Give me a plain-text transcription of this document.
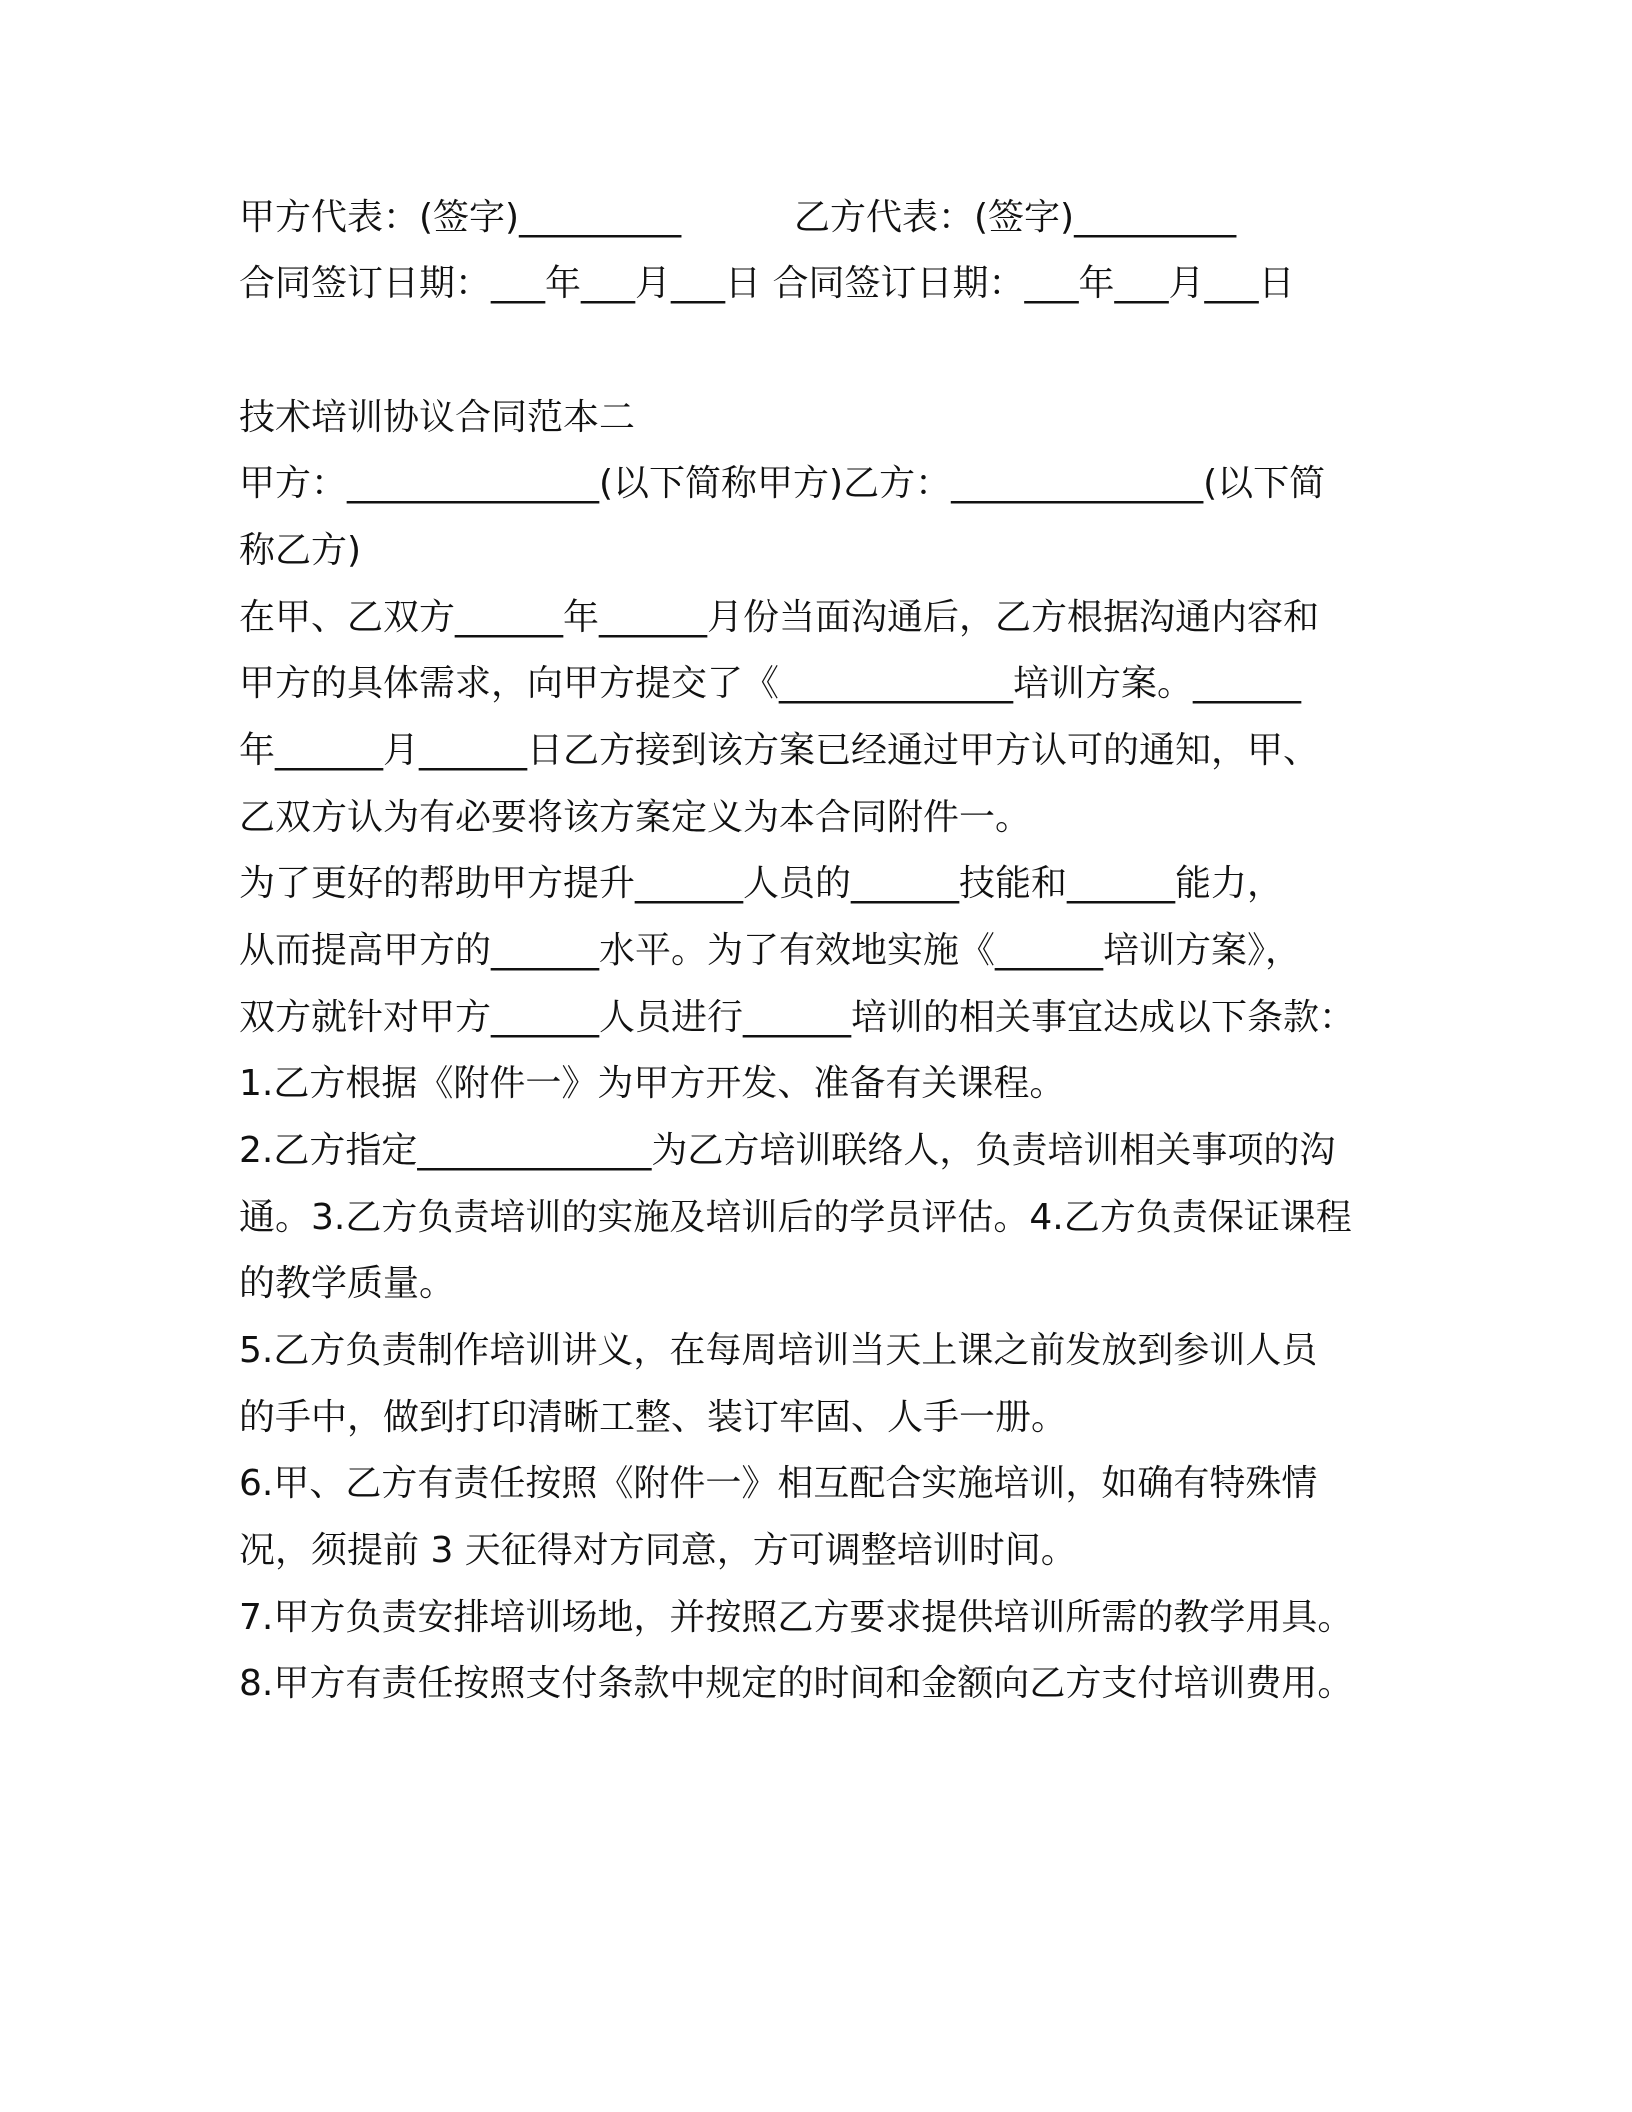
甲方代表：(签字)_________	乙方代表：(签字)_________
合同签订日期：___年___月___日 合同签订日期：___年___月___日
技术培训协议合同范本二
甲方：______________(以下简称甲方)乙方：______________(以下简
称乙方)
在甲、乙双方______年______月份当面沟通后，乙方根据沟通内容和
甲方的具体需求，向甲方提交了《_____________培训方案。______
年______月______日乙方接到该方案已经通过甲方认可的通知，甲、
乙双方认为有必要将该方案定义为本合同附件一。
为了更好的帮助甲方提升______人员的______技能和______能力，
从而提高甲方的______水平。为了有效地实施《______培训方案》，
双方就针对甲方______人员进行______培训的相关事宜达成以下条款：
1.乙方根据《附件一》为甲方开发、准备有关课程。
2.乙方指定_____________为乙方培训联络人，负责培训相关事项的沟
通。3.乙方负责培训的实施及培训后的学员评估。4.乙方负责保证课程
的教学质量。
5.乙方负责制作培训讲义，在每周培训当天上课之前发放到参训人员
的手中，做到打印清晰工整、装订牢固、人手一册。
6.甲、乙方有责任按照《附件一》相互配合实施培训，如确有特殊情
况，须提前 3 天征得对方同意，方可调整培训时间。
7.甲方负责安排培训场地，并按照乙方要求提供培训所需的教学用具。
8.甲方有责任按照支付条款中规定的时间和金额向乙方支付培训费用。
